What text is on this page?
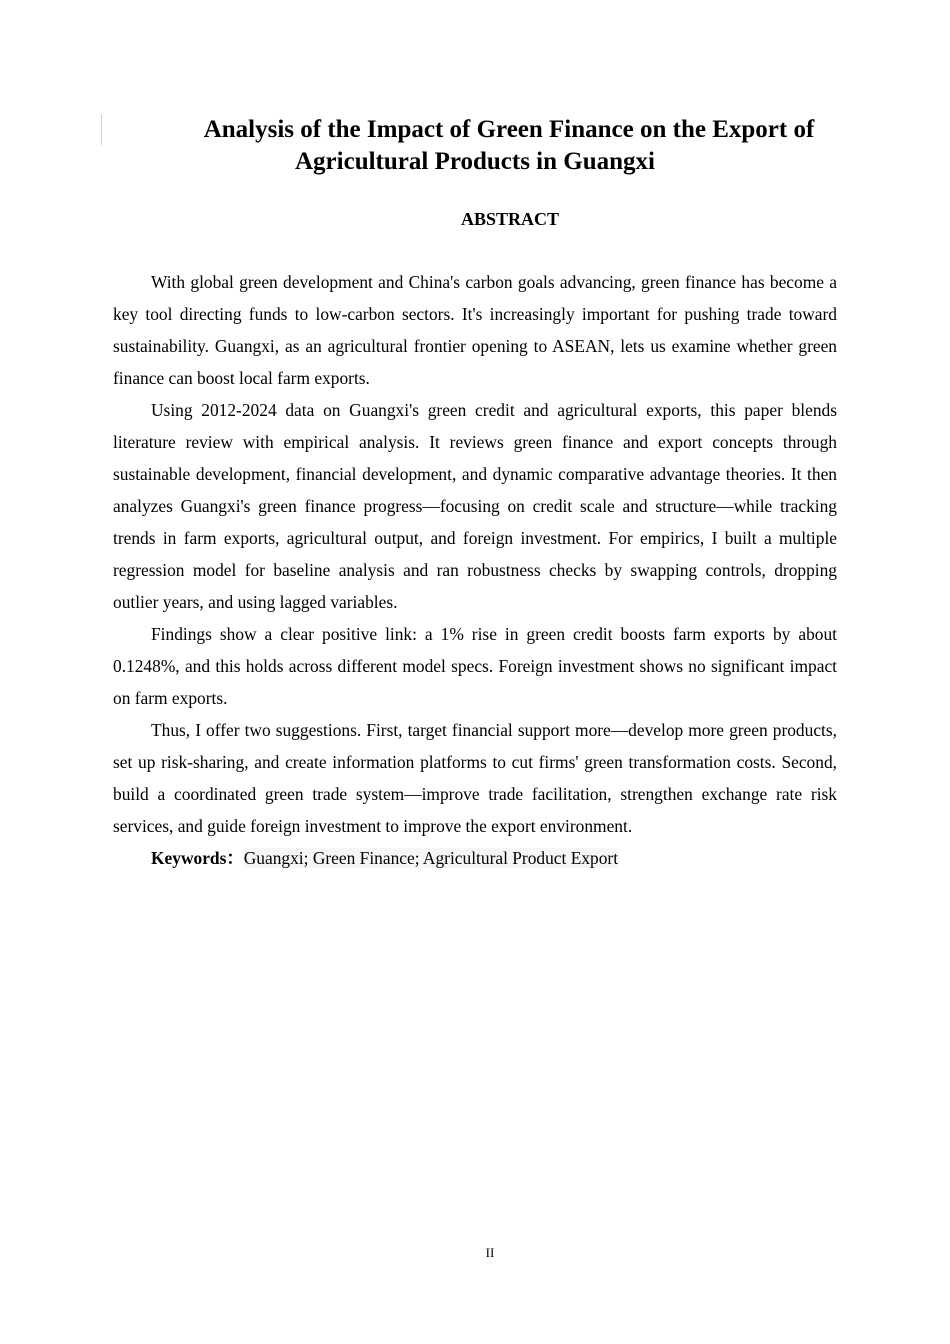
Analysis of the Impact of Green Finance on the Export of
Agricultural Products in Guangxi
ABSTRACT

With global green development and China's carbon goals advancing, green finance has become a key tool directing funds to low-carbon sectors. It's increasingly important for pushing trade toward sustainability. Guangxi, as an agricultural frontier opening to ASEAN, lets us examine whether green finance can boost local farm exports.

Using 2012-2024 data on Guangxi's green credit and agricultural exports, this paper blends literature review with empirical analysis. It reviews green finance and export concepts through sustainable development, financial development, and dynamic comparative advantage theories. It then analyzes Guangxi's green finance progress—focusing on credit scale and structure—while tracking trends in farm exports, agricultural output, and foreign investment. For empirics, I built a multiple regression model for baseline analysis and ran robustness checks by swapping controls, dropping outlier years, and using lagged variables.

Findings show a clear positive link: a 1% rise in green credit boosts farm exports by about 0.1248%, and this holds across different model specs. Foreign investment shows no significant impact on farm exports.

Thus, I offer two suggestions. First, target financial support more—develop more green products, set up risk-sharing, and create information platforms to cut firms' green transformation costs. Second, build a coordinated green trade system—improve trade facilitation, strengthen exchange rate risk services, and guide foreign investment to improve the export environment.

Keywords：Guangxi; Green Finance; Agricultural Product Export

II
